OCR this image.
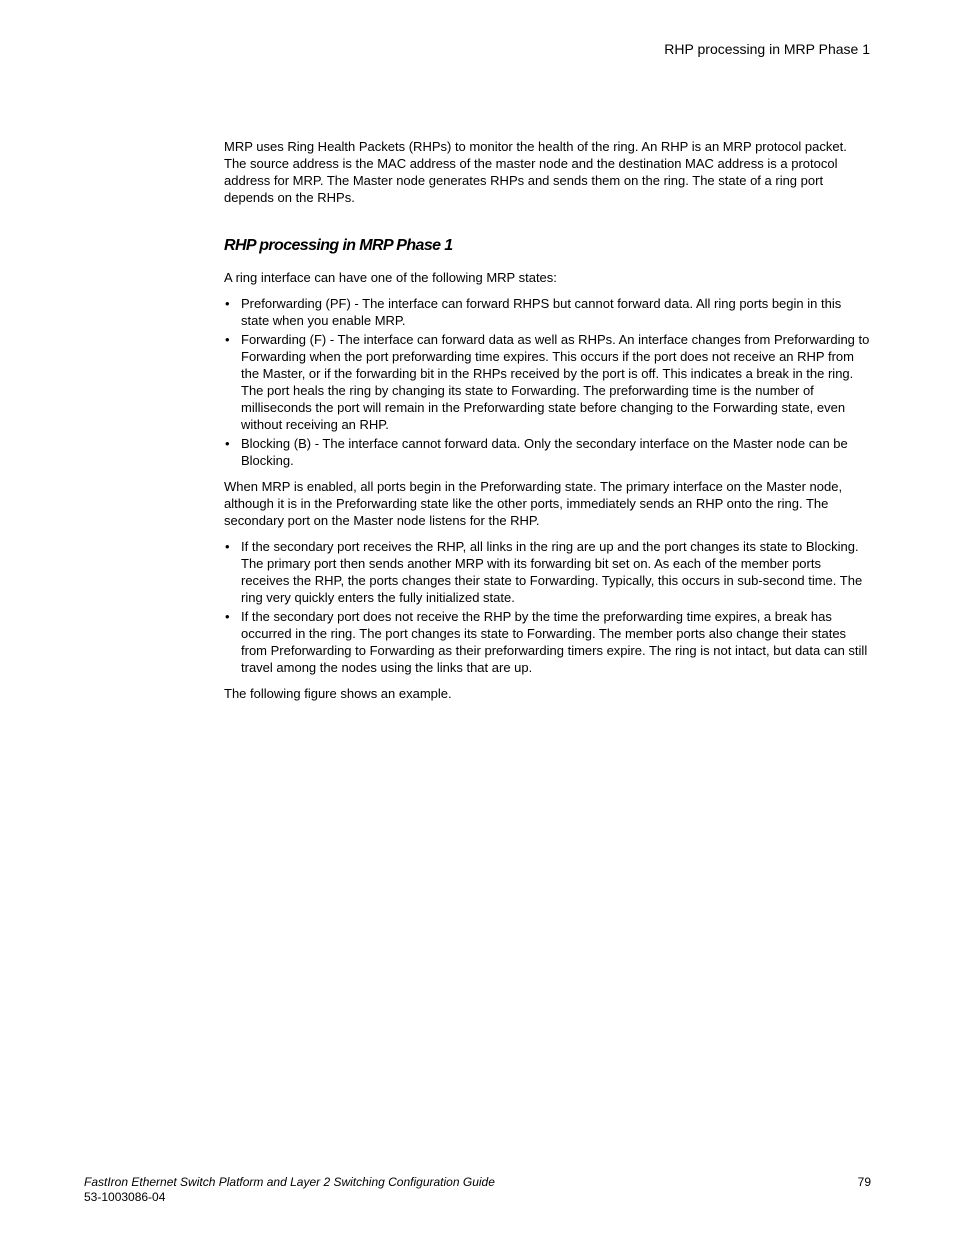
RHP processing in MRP Phase 1

MRP uses Ring Health Packets (RHPs) to monitor the health of the ring. An RHP is an MRP protocol packet. The source address is the MAC address of the master node and the destination MAC address is a protocol address for MRP. The Master node generates RHPs and sends them on the ring. The state of a ring port depends on the RHPs.

RHP processing in MRP Phase 1

A ring interface can have one of the following MRP states:

• Preforwarding (PF) - The interface can forward RHPS but cannot forward data. All ring ports begin in this state when you enable MRP.
• Forwarding (F) - The interface can forward data as well as RHPs. An interface changes from Preforwarding to Forwarding when the port preforwarding time expires. This occurs if the port does not receive an RHP from the Master, or if the forwarding bit in the RHPs received by the port is off. This indicates a break in the ring. The port heals the ring by changing its state to Forwarding. The preforwarding time is the number of milliseconds the port will remain in the Preforwarding state before changing to the Forwarding state, even without receiving an RHP.
• Blocking (B) - The interface cannot forward data. Only the secondary interface on the Master node can be Blocking.

When MRP is enabled, all ports begin in the Preforwarding state. The primary interface on the Master node, although it is in the Preforwarding state like the other ports, immediately sends an RHP onto the ring. The secondary port on the Master node listens for the RHP.

• If the secondary port receives the RHP, all links in the ring are up and the port changes its state to Blocking. The primary port then sends another MRP with its forwarding bit set on. As each of the member ports receives the RHP, the ports changes their state to Forwarding. Typically, this occurs in sub-second time. The ring very quickly enters the fully initialized state.
• If the secondary port does not receive the RHP by the time the preforwarding time expires, a break has occurred in the ring. The port changes its state to Forwarding. The member ports also change their states from Preforwarding to Forwarding as their preforwarding timers expire. The ring is not intact, but data can still travel among the nodes using the links that are up.

The following figure shows an example.

FastIron Ethernet Switch Platform and Layer 2 Switching Configuration Guide
53-1003086-04
79
